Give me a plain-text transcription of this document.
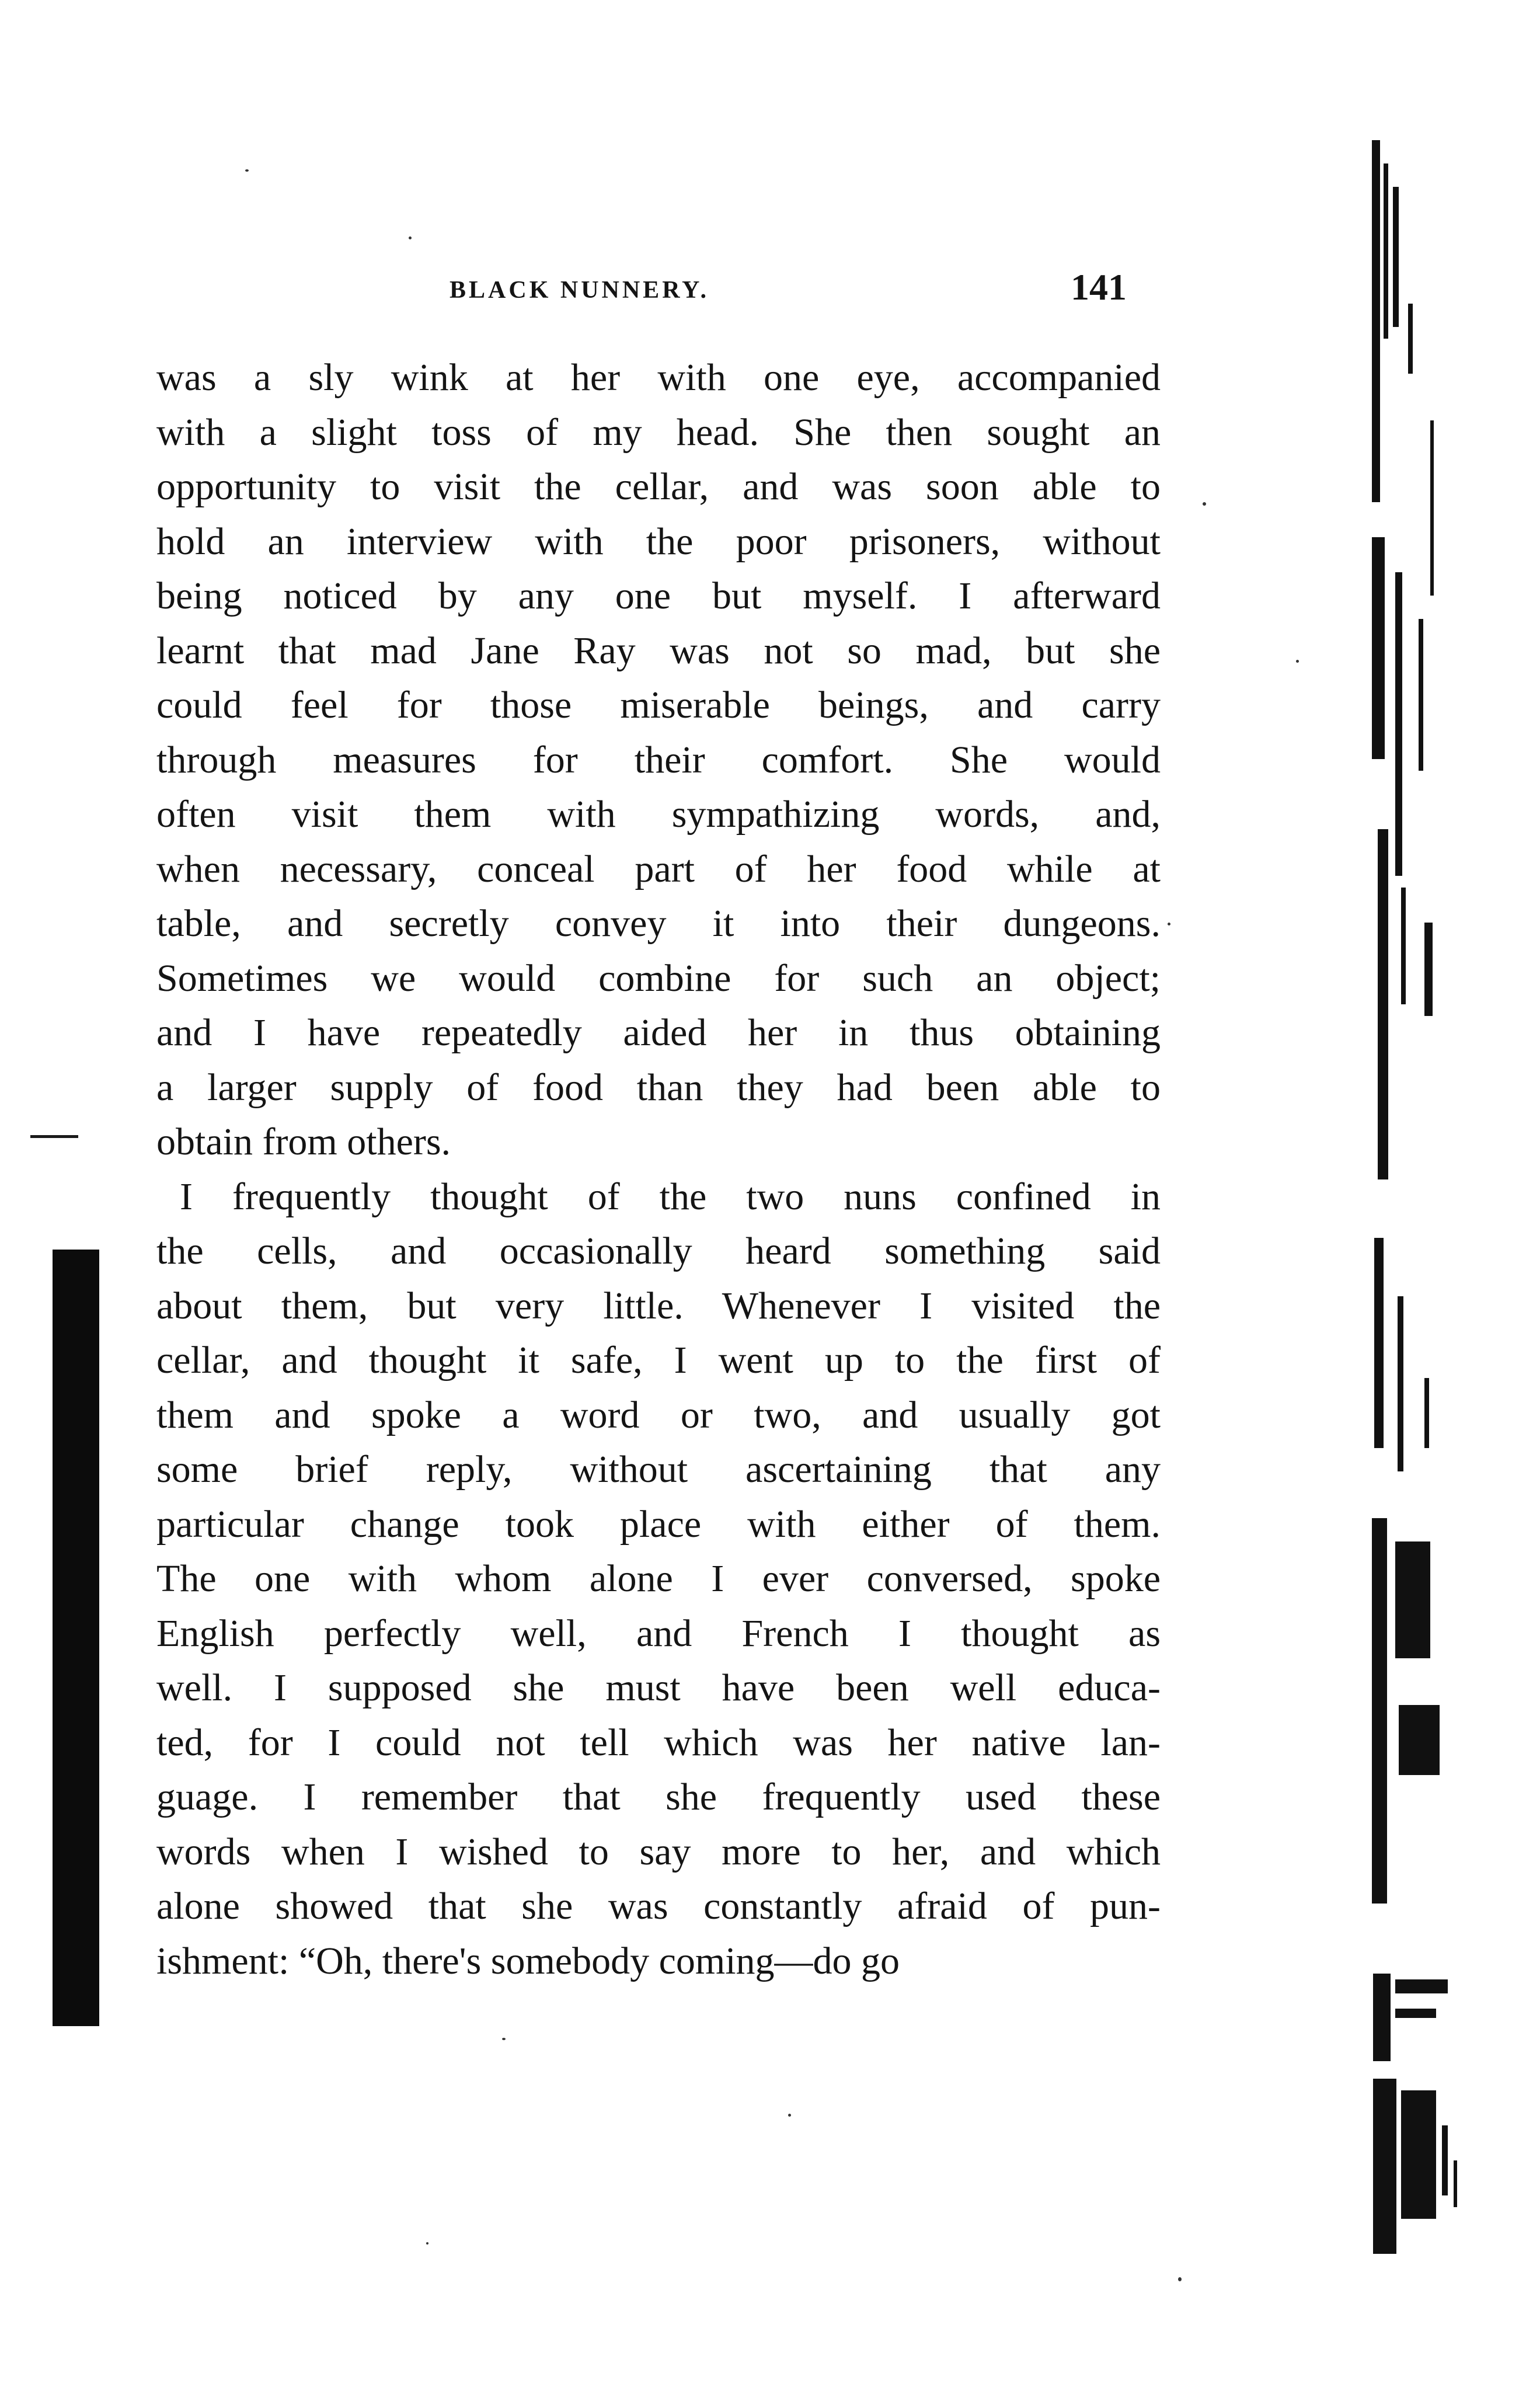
BLACK NUNNERY.	141
was a sly wink at her with one eye, accompanied
with a slight toss of my head. She then sought an
opportunity to visit the cellar, and was soon able to
hold an interview with the poor prisoners, without
being noticed by any one but myself. I afterward
learnt that mad Jane Ray was not so mad, but she
could feel for those miserable beings, and carry
through measures for their comfort. She would
often visit them with sympathizing words, and,
when necessary, conceal part of her food while at
table, and secretly convey it into their dungeons.
Sometimes we would combine for such an object;
and I have repeatedly aided her in thus obtaining
a larger supply of food than they had been able to
obtain from others.
I frequently thought of the two nuns confined in
the cells, and occasionally heard something said
about them, but very little. Whenever I visited the
cellar, and thought it safe, I went up to the first of
them and spoke a word or two, and usually got
some brief reply, without ascertaining that any
particular change took place with either of them.
The one with whom alone I ever conversed, spoke
English perfectly well, and French I thought as
well. I supposed she must have been well educa-
ted, for I could not tell which was her native lan-
guage. I remember that she frequently used these
words when I wished to say more to her, and which
alone showed that she was constantly afraid of pun-
ishment: “Oh, there's somebody coming—do go
